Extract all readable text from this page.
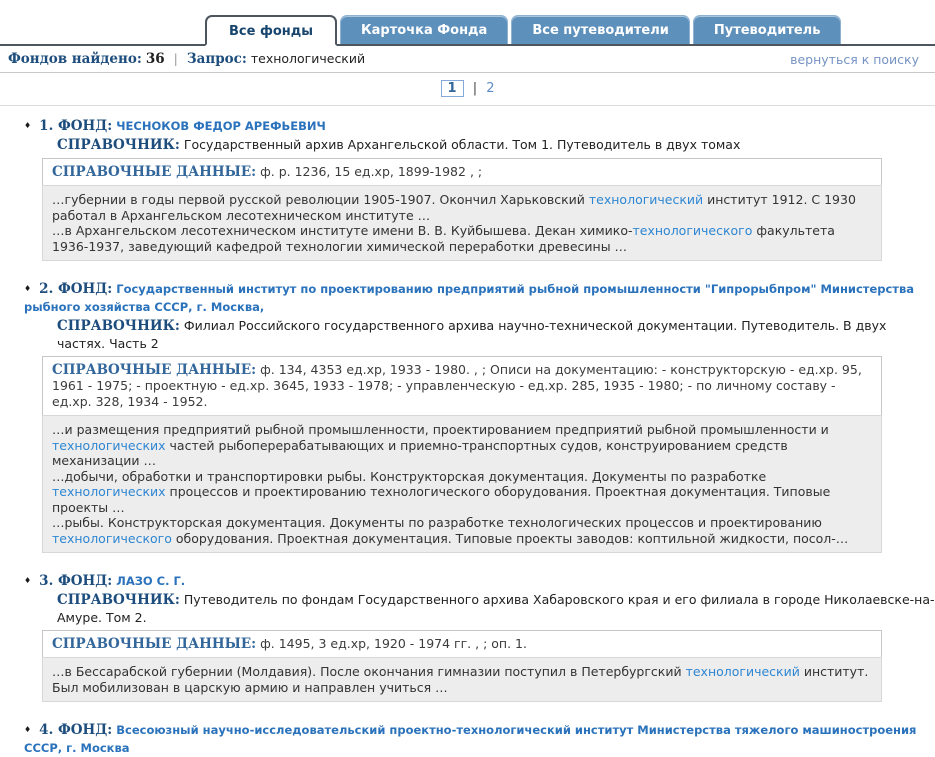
Все фонды	Карточка Фонда	Все путеводители	Путеводитель
Фондов найдено: 36 | Запрос: технологический	вернуться к поиску
1 | 2
♦ 1. ФОНД: ЧЕСНОКОВ ФЕДОР АРЕФЬЕВИЧ
СПРАВОЧНИК: Государственный архив Архангельской области. Том 1. Путеводитель в двух томах
СПРАВОЧНЫЕ ДАННЫЕ: ф. р. 1236, 15 ед.хр, 1899-1982 , ;
…губернии в годы первой русской революции 1905-1907. Окончил Харьковский технологический институт 1912. С 1930 работал в Архангельском лесотехническом институте …
…в Архангельском лесотехническом институте имени В. В. Куйбышева. Декан химико-технологического факультета 1936-1937, заведующий кафедрой технологии химической переработки древесины …
♦ 2. ФОНД: Государственный институт по проектированию предприятий рыбной промышленности "Гипрорыбпром" Министерства рыбного хозяйства СССР, г. Москва,
СПРАВОЧНИК: Филиал Российского государственного архива научно-технической документации. Путеводитель. В двух частях. Часть 2
СПРАВОЧНЫЕ ДАННЫЕ: ф. 134, 4353 ед.хр, 1933 - 1980. , ; Описи на документацию: - конструкторскую - ед.хр. 95, 1961 - 1975; - проектную - ед.хр. 3645, 1933 - 1978; - управленческую - ед.хр. 285, 1935 - 1980; - по личному составу - ед.хр. 328, 1934 - 1952.
…и размещения предприятий рыбной промышленности, проектированием предприятий рыбной промышленности и технологических частей рыбоперерабатывающих и приемно-транспортных судов, конструированием средств механизации …
…добычи, обработки и транспортировки рыбы. Конструкторская документация. Документы по разработке технологических процессов и проектированию технологического оборудования. Проектная документация. Типовые проекты …
…рыбы. Конструкторская документация. Документы по разработке технологических процессов и проектированию технологического оборудования. Проектная документация. Типовые проекты заводов: коптильной жидкости, посол-…
♦ 3. ФОНД: ЛАЗО С. Г.
СПРАВОЧНИК: Путеводитель по фондам Государственного архива Хабаровского края и его филиала в городе Николаевске-на-Амуре. Том 2.
СПРАВОЧНЫЕ ДАННЫЕ: ф. 1495, 3 ед.хр, 1920 - 1974 гг. , ; оп. 1.
…в Бессарабской губернии (Молдавия). После окончания гимназии поступил в Петербургский технологический институт. Был мобилизован в царскую армию и направлен учиться …
♦ 4. ФОНД: Всесоюзный научно-исследовательский проектно-технологический институт Министерства тяжелого машиностроения СССР, г. Москва
